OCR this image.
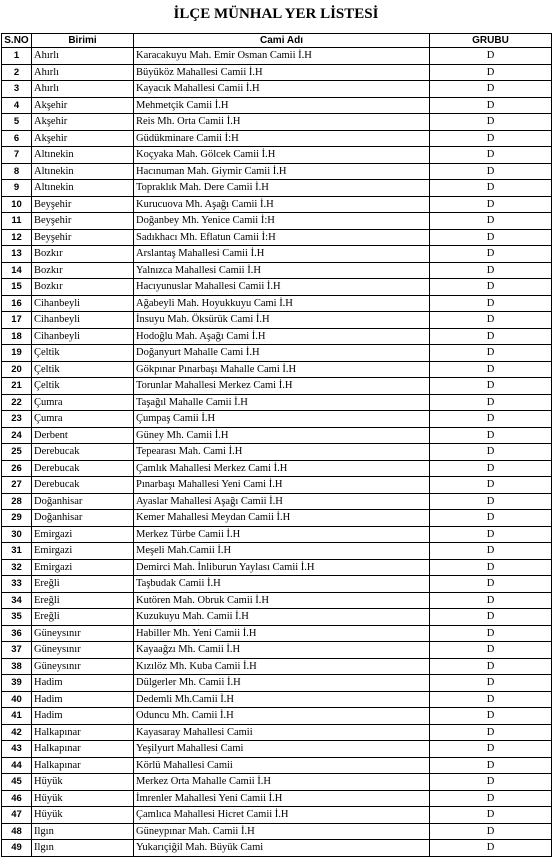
İLÇE MÜNHAL YER LİSTESİ
S.NO	Birimi	Cami Adı	GRUBU
1	Ahırlı	Karacakuyu Mah. Emir Osman Camii İ.H	D
2	Ahırlı	Büyüköz Mahallesi Camii İ.H	D
3	Ahırlı	Kayacık Mahallesi Camii İ.H	D
4	Akşehir	Mehmetçik Camii İ.H	D
5	Akşehir	Reis Mh. Orta Camii İ.H	D
6	Akşehir	Güdükminare Camii İ:H	D
7	Altınekin	Koçyaka Mah. Gölcek Camii İ.H	D
8	Altınekin	Hacınuman Mah. Giymir Camii İ.H	D
9	Altınekin	Topraklık Mah. Dere Camii İ.H	D
10	Beyşehir	Kurucuova Mh. Aşağı Camii İ.H	D
11	Beyşehir	Doğanbey Mh. Yenice Camii İ:H	D
12	Beyşehir	Sadıkhacı Mh. Eflatun Camii İ:H	D
13	Bozkır	Arslantaş Mahallesi Camii İ.H	D
14	Bozkır	Yalnızca Mahallesi Camii İ.H	D
15	Bozkır	Hacıyunuslar Mahallesi Camii İ.H	D
16	Cihanbeyli	Ağabeyli Mah. Hoyukkuyu Cami İ.H	D
17	Cihanbeyli	İnsuyu Mah. Öksürük Cami İ.H	D
18	Cihanbeyli	Hodoğlu Mah. Aşağı Cami İ.H	D
19	Çeltik	Doğanyurt Mahalle Cami İ.H	D
20	Çeltik	Gökpınar Pınarbaşı Mahalle Cami İ.H	D
21	Çeltik	Torunlar Mahallesi Merkez Cami İ.H	D
22	Çumra	Taşağıl Mahalle Camii İ.H	D
23	Çumra	Çumpaş Camii İ.H	D
24	Derbent	Güney Mh. Camii İ.H	D
25	Derebucak	Tepearası Mah. Cami İ.H	D
26	Derebucak	Çamlık Mahallesi Merkez Cami İ.H	D
27	Derebucak	Pınarbaşı Mahallesi Yeni Cami İ.H	D
28	Doğanhisar	Ayaslar Mahallesi Aşağı Camii İ.H	D
29	Doğanhisar	Kemer Mahallesi Meydan Camii İ.H	D
30	Emirgazi	Merkez Türbe Camii İ.H	D
31	Emirgazi	Meşeli Mah.Camii İ.H	D
32	Emirgazi	Demirci Mah. İnliburun Yaylası Camii İ.H	D
33	Ereğli	Taşbudak Camii İ.H	D
34	Ereğli	Kutören Mah. Obruk Camii İ.H	D
35	Ereğli	Kuzukuyu Mah. Camii İ.H	D
36	Güneysınır	Habiller Mh. Yeni Camii İ.H	D
37	Güneysınır	Kayaağzı Mh. Camii İ.H	D
38	Güneysınır	Kızılöz Mh. Kuba Camii İ.H	D
39	Hadim	Dülgerler Mh. Camii İ.H	D
40	Hadim	Dedemli Mh.Camii İ.H	D
41	Hadim	Oduncu Mh. Camii İ.H	D
42	Halkapınar	Kayasaray Mahallesi Camii	D
43	Halkapınar	Yeşilyurt Mahallesi Cami	D
44	Halkapınar	Körlü Mahallesi Camii	D
45	Hüyük	Merkez Orta Mahalle Camii İ.H	D
46	Hüyük	İmrenler Mahallesi Yeni Camii İ.H	D
47	Hüyük	Çamlıca Mahallesi Hicret Camii İ.H	D
48	Ilgın	Güneypınar Mah. Camii İ.H	D
49	Ilgın	Yukarıçiğil Mah. Büyük Cami	D
